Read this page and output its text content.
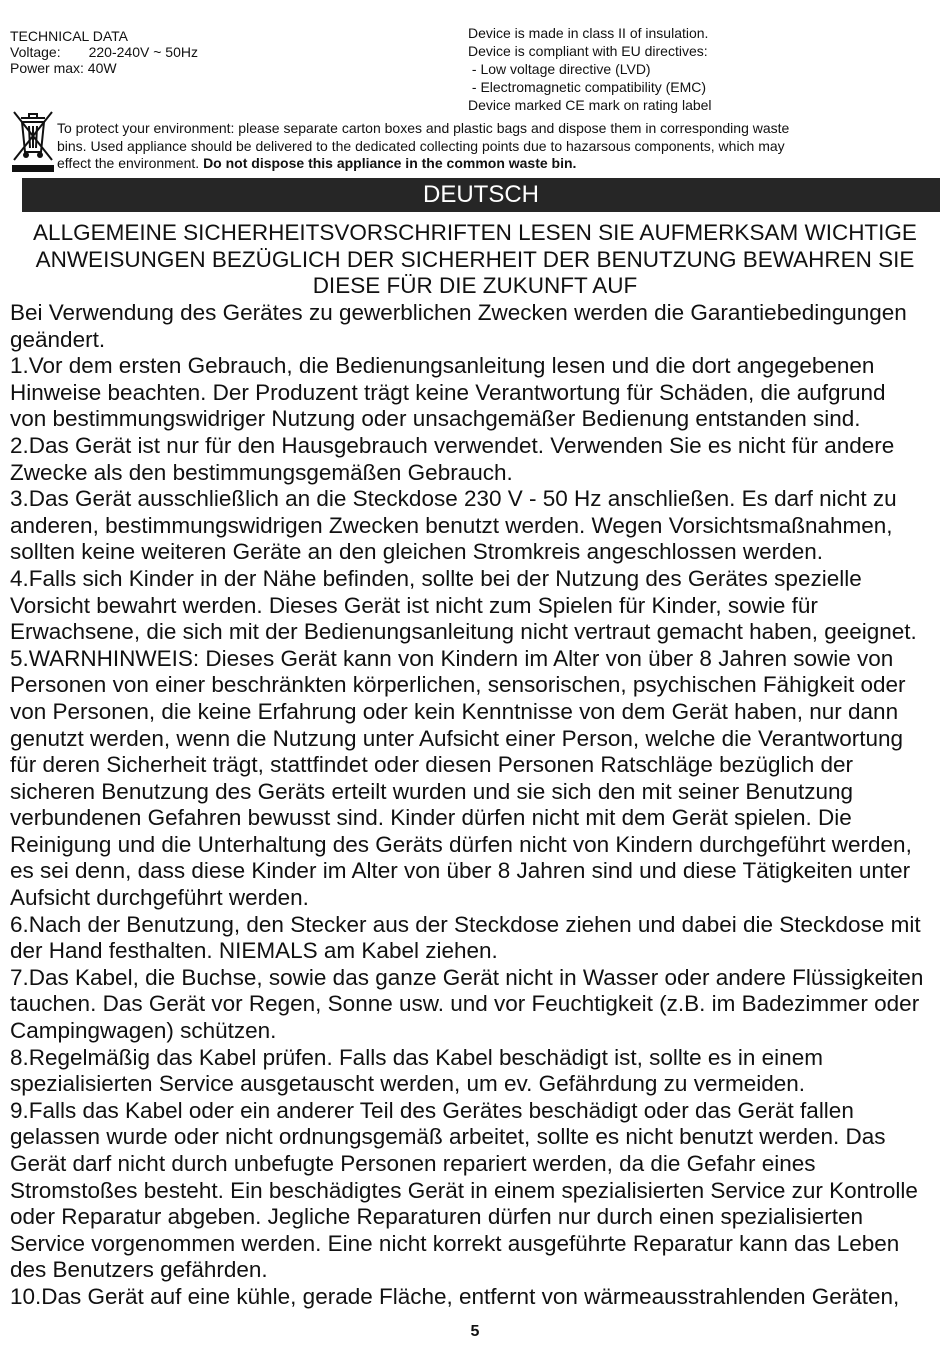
TECHNICAL DATA
Voltage: 220-240V ~ 50Hz
Power max: 40W
Device is made in class II of insulation.
Device is compliant with EU directives:
- Low voltage directive (LVD)
- Electromagnetic compatibility (EMC)
Device marked CE mark on rating label
To protect your environment: please separate carton boxes and plastic bags and dispose them in corresponding waste
bins. Used appliance should be delivered to the dedicated collecting points due to hazarsous components, which may
effect the environment. Do not dispose this appliance in the common waste bin.
DEUTSCH
ALLGEMEINE SICHERHEITSVORSCHRIFTEN LESEN SIE AUFMERKSAM WICHTIGE
ANWEISUNGEN BEZÜGLICH DER SICHERHEIT DER BENUTZUNG BEWAHREN SIE
DIESE FÜR DIE ZUKUNFT AUF
Bei Verwendung des Gerätes zu gewerblichen Zwecken werden die Garantiebedingungen
geändert.
1.Vor dem ersten Gebrauch, die Bedienungsanleitung lesen und die dort angegebenen
Hinweise beachten. Der Produzent trägt keine Verantwortung für Schäden, die aufgrund
von bestimmungswidriger Nutzung oder unsachgemäßer Bedienung entstanden sind.
2.Das Gerät ist nur für den Hausgebrauch verwendet. Verwenden Sie es nicht für andere
Zwecke als den bestimmungsgemäßen Gebrauch.
3.Das Gerät ausschließlich an die Steckdose 230 V - 50 Hz anschließen. Es darf nicht zu
anderen, bestimmungswidrigen Zwecken benutzt werden. Wegen Vorsichtsmaßnahmen,
sollten keine weiteren Geräte an den gleichen Stromkreis angeschlossen werden.
4.Falls sich Kinder in der Nähe befinden, sollte bei der Nutzung des Gerätes spezielle
Vorsicht bewahrt werden. Dieses Gerät ist nicht zum Spielen für Kinder, sowie für
Erwachsene, die sich mit der Bedienungsanleitung nicht vertraut gemacht haben, geeignet.
5.WARNHINWEIS: Dieses Gerät kann von Kindern im Alter von über 8 Jahren sowie von
Personen von einer beschränkten körperlichen, sensorischen, psychischen Fähigkeit oder
von Personen, die keine Erfahrung oder kein Kenntnisse von dem Gerät haben, nur dann
genutzt werden, wenn die Nutzung unter Aufsicht einer Person, welche die Verantwortung
für deren Sicherheit trägt, stattfindet oder diesen Personen Ratschläge bezüglich der
sicheren Benutzung des Geräts erteilt wurden und sie sich den mit seiner Benutzung
verbundenen Gefahren bewusst sind. Kinder dürfen nicht mit dem Gerät spielen. Die
Reinigung und die Unterhaltung des Geräts dürfen nicht von Kindern durchgeführt werden,
es sei denn, dass diese Kinder im Alter von über 8 Jahren sind und diese Tätigkeiten unter
Aufsicht durchgeführt werden.
6.Nach der Benutzung, den Stecker aus der Steckdose ziehen und dabei die Steckdose mit
der Hand festhalten. NIEMALS am Kabel ziehen.
7.Das Kabel, die Buchse, sowie das ganze Gerät nicht in Wasser oder andere Flüssigkeiten
tauchen. Das Gerät vor Regen, Sonne usw. und vor Feuchtigkeit (z.B. im Badezimmer oder
Campingwagen) schützen.
8.Regelmäßig das Kabel prüfen. Falls das Kabel beschädigt ist, sollte es in einem
spezialisierten Service ausgetauscht werden, um ev. Gefährdung zu vermeiden.
9.Falls das Kabel oder ein anderer Teil des Gerätes beschädigt oder das Gerät fallen
gelassen wurde oder nicht ordnungsgemäß arbeitet, sollte es nicht benutzt werden. Das
Gerät darf nicht durch unbefugte Personen repariert werden, da die Gefahr eines
Stromstoßes besteht. Ein beschädigtes Gerät in einem spezialisierten Service zur Kontrolle
oder Reparatur abgeben. Jegliche Reparaturen dürfen nur durch einen spezialisierten
Service vorgenommen werden. Eine nicht korrekt ausgeführte Reparatur kann das Leben
des Benutzers gefährden.
10.Das Gerät auf eine kühle, gerade Fläche, entfernt von wärmeausstrahlenden Geräten,
5
